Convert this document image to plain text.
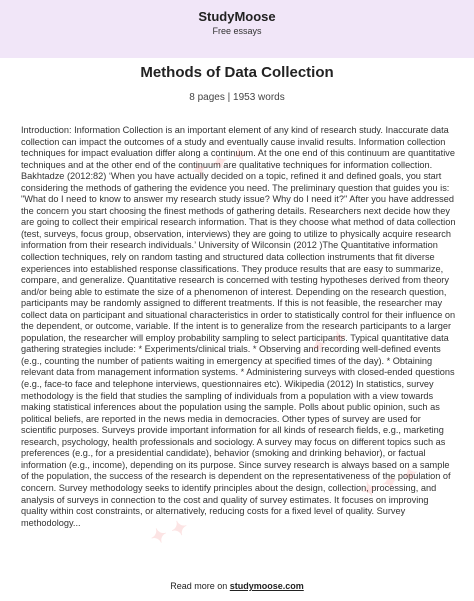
StudyMoose
Free essays
Methods of Data Collection
8 pages | 1953 words
Introduction: Information Collection is an important element of any kind of research study. Inaccurate data collection can impact the outcomes of a study and eventually cause invalid results. Information collection techniques for impact evaluation differ along a continuum. At the one end of this continuum are quantitative techniques and at the other end of the continuum are qualitative techniques for information collection. Bakhtadze (2012:82) ‘When you have actually decided on a topic, refined it and defined goals, you start considering the methods of gathering the evidence you need. The preliminary question that guides you is: "What do I need to know to answer my research study issue? Why do I need it?" After you have addressed the concern you start choosing the finest methods of gathering details. Researchers next decide how they are going to collect their empirical research information. That is they choose what method of data collection (test, surveys, focus group, observation, interviews) they are going to utilize to physically acquire research information from their research individuals.’ University of Wilconsin (2012 )The Quantitative information collection techniques, rely on random tasting and structured data collection instruments that fit diverse experiences into established response classifications. They produce results that are easy to summarize, compare, and generalize. Quantitative research is concerned with testing hypotheses derived from theory and/or being able to estimate the size of a phenomenon of interest. Depending on the research question, participants may be randomly assigned to different treatments. If this is not feasible, the researcher may collect data on participant and situational characteristics in order to statistically control for their influence on the dependent, or outcome, variable. If the intent is to generalize from the research participants to a larger population, the researcher will employ probability sampling to select participants. Typical quantitative data gathering strategies include: * Experiments/clinical trials. * Observing and recording well-defined events (e.g., counting the number of patients waiting in emergency at specified times of the day). * Obtaining relevant data from management information systems. * Administering surveys with closed-ended questions (e.g., face-to face and telephone interviews, questionnaires etc). Wikipedia (2012) In statistics, survey methodology is the field that studies the sampling of individuals from a population with a view towards making statistical inferences about the population using the sample. Polls about public opinion, such as political beliefs, are reported in the news media in democracies. Other types of survey are used for scientific purposes. Surveys provide important information for all kinds of research fields, e.g., marketing research, psychology, health professionals and sociology. A survey may focus on different topics such as preferences (e.g., for a presidential candidate), behavior (smoking and drinking behavior), or factual information (e.g., income), depending on its purpose. Since survey research is always based on a sample of the population, the success of the research is dependent on the representativeness of the population of concern. Survey methodology seeks to identify principles about the design, collection, processing, and analysis of surveys in connection to the cost and quality of survey estimates. It focuses on improving quality within cost constraints, or alternatively, reducing costs for a fixed level of quality. Survey methodology...
✦ ✦ ✦
✦ ✦
✦ ✦ ✦
✦ ✦
Read more on studymoose.com
